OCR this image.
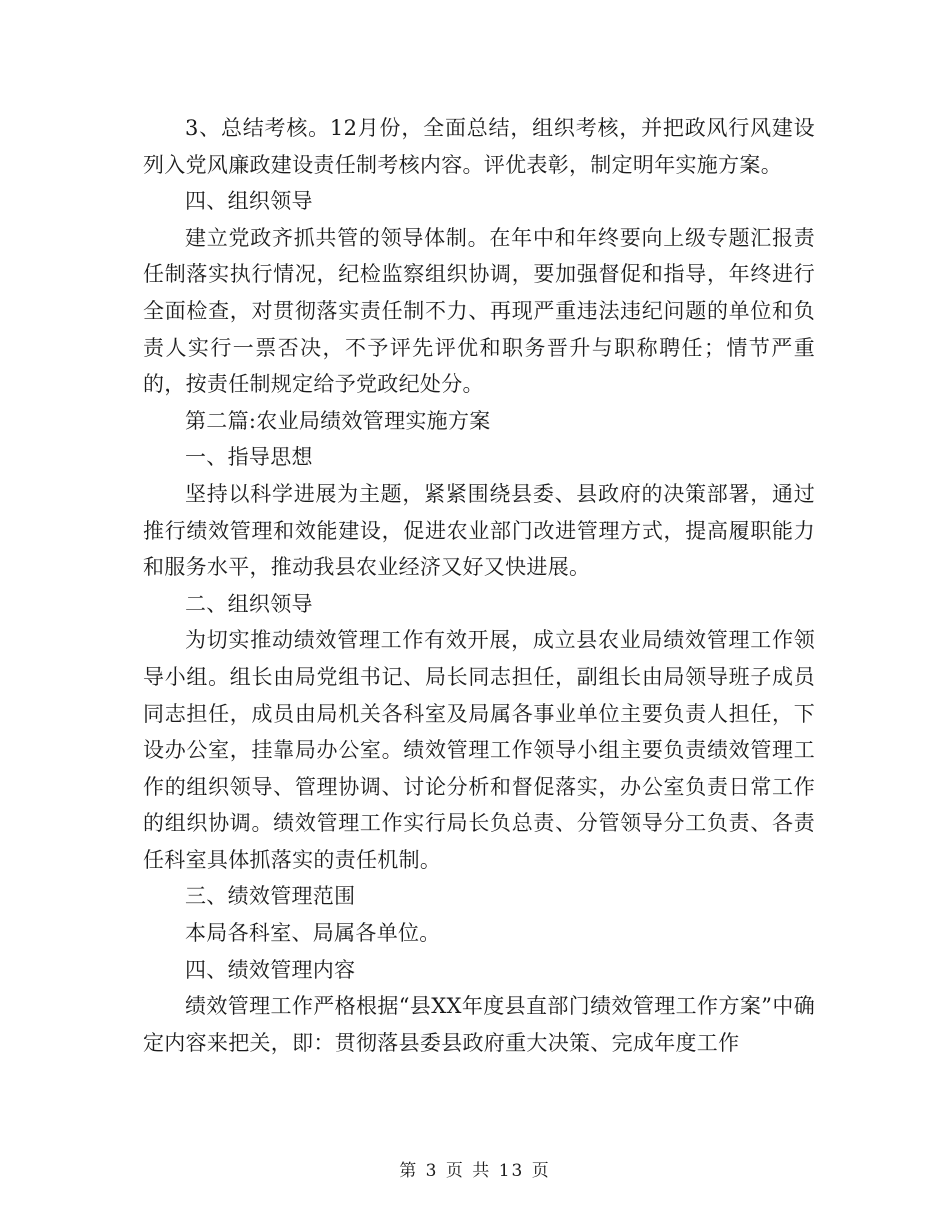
3、总结考核。12月份，全面总结，组织考核，并把政风行风建设列入党风廉政建设责任制考核内容。评优表彰，制定明年实施方案。

四、组织领导

建立党政齐抓共管的领导体制。在年中和年终要向上级专题汇报责任制落实执行情况，纪检监察组织协调，要加强督促和指导，年终进行全面检查，对贯彻落实责任制不力、再现严重违法违纪问题的单位和负责人实行一票否决，不予评先评优和职务晋升与职称聘任；情节严重的，按责任制规定给予党政纪处分。

第二篇:农业局绩效管理实施方案

一、指导思想

坚持以科学进展为主题，紧紧围绕县委、县政府的决策部署，通过推行绩效管理和效能建设，促进农业部门改进管理方式，提高履职能力和服务水平，推动我县农业经济又好又快进展。

二、组织领导

为切实推动绩效管理工作有效开展，成立县农业局绩效管理工作领导小组。组长由局党组书记、局长同志担任，副组长由局领导班子成员同志担任，成员由局机关各科室及局属各事业单位主要负责人担任，下设办公室，挂靠局办公室。绩效管理工作领导小组主要负责绩效管理工作的组织领导、管理协调、讨论分析和督促落实，办公室负责日常工作的组织协调。绩效管理工作实行局长负总责、分管领导分工负责、各责任科室具体抓落实的责任机制。

三、绩效管理范围

本局各科室、局属各单位。

四、绩效管理内容

绩效管理工作严格根据“县XX年度县直部门绩效管理工作方案”中确定内容来把关，即：贯彻落县委县政府重大决策、完成年度工作

第 3 页 共 13 页
